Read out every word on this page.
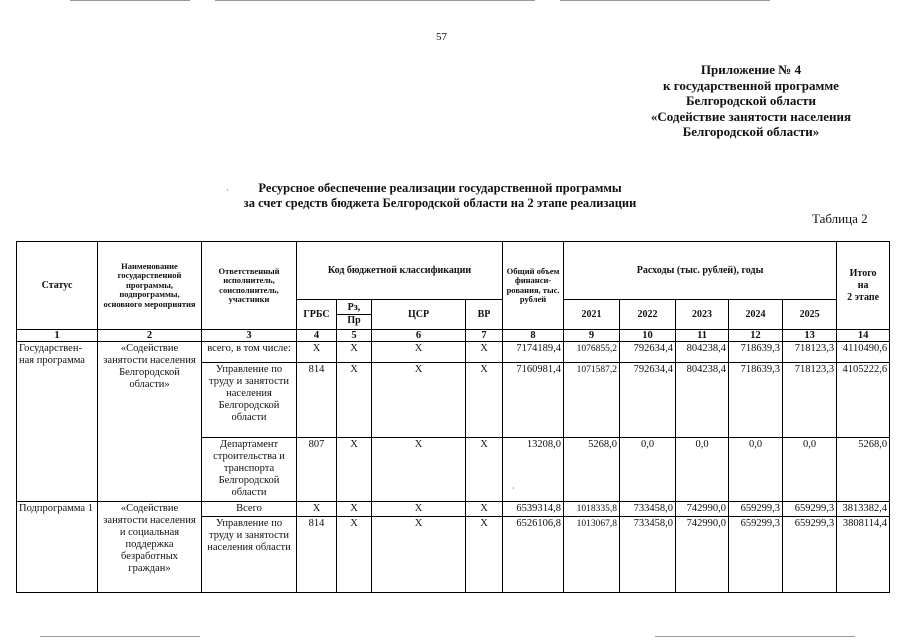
57
Приложение № 4
к государственной программе
Белгородской области
«Содействие занятости населения
Белгородской области»
·	Ресурсное обеспечение реализации государственной программы
за счет средств бюджета Белгородской области на 2 этапе реализации
Таблица 2
Статус	Наименование государственной программы, подпрограммы, основного мероприятия	Ответственный исполнитель, соисполнитель, участники	Код бюджетной классификации				Общий объем финанси-рования, тыс. рублей	Расходы (тыс. рублей), годы					Итого
на
2 этапе

			ГРБС	Рз,
Пр	ЦСР	ВР		2021	2022	2023	2024	2025	
1	2	3	4	5	6	7	8	9	10	11	12	13	14
Государствен-ная программа	«Содействие занятости населения Белгородской области»	всего, в том числе:	X	X	X	X	7174189,4	1076855,2	792634,4	804238,4	718639,3	718123,3	4110490,6
		Управление по труду и занятости населения Белгородской области	814	X	X	X	7160981,4	1071587,2	792634,4	804238,4	718639,3	718123,3	4105222,6
		Департамент строительства и транспорта Белгородской области	807	X	X	X	13208,0	5268,0	0,0	0,0	0,0	0,0	5268,0
Подпрограмма 1	«Содействие занятости населения и социальная поддержка безработных граждан»	Всего	X	X	X	X	6539314,8	1018335,8	733458,0	742990,0	659299,3	659299,3	3813382,4
		Управление по труду и занятости населения области	814	X	X	X	6526106,8	1013067,8	733458,0	742990,0	659299,3	659299,3	3808114,4
·
